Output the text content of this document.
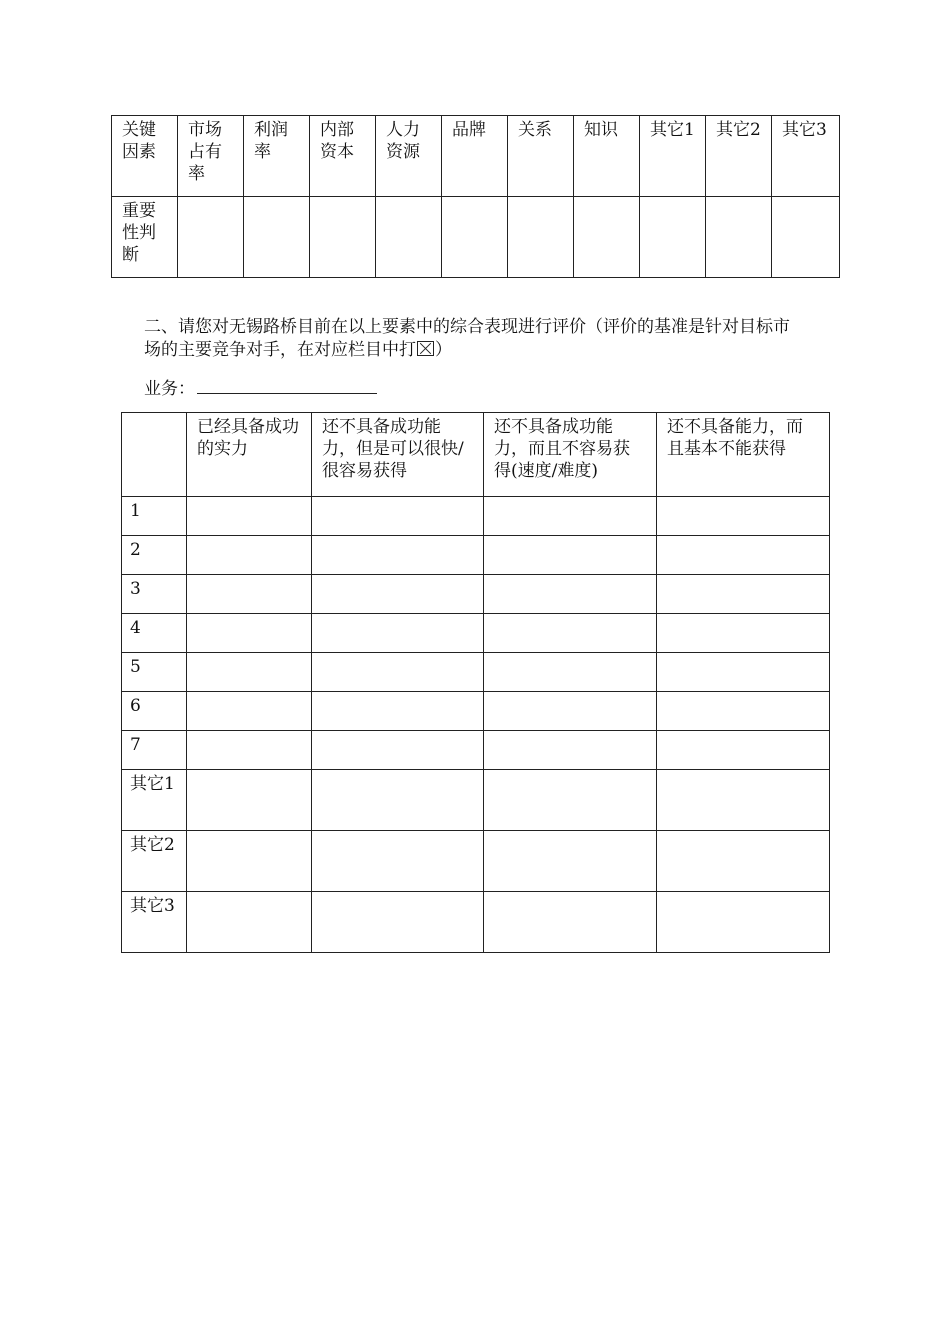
关键因素	市场占有率	利润率	内部资本	人力资源	品牌	关系	知识	其它1	其它2	其它3
重要性判断										

二、请您对无锡路桥目前在以上要素中的综合表现进行评价（评价的基准是针对目标市场的主要竞争对手，在对应栏目中打 ）

业务：
	已经具备成功的实力	还不具备成功能力，但是可以很快/很容易获得	还不具备成功能力，而且不容易获得(速度/难度)	还不具备能力，而且基本不能获得
1				
2				
3				
4				
5				
6				
7				
其它1				
其它2				
其它3				
